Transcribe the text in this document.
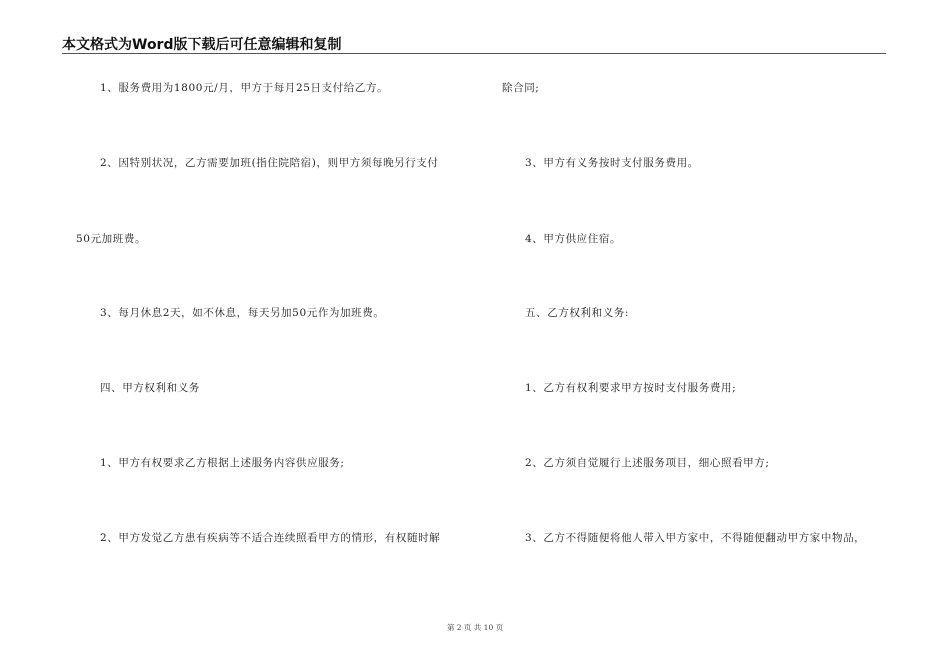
本文格式为Word版下载后可任意编辑和复制
1、服务费用为1800元/月，甲方于每月25日支付给乙方。
2、因特别状况，乙方需要加班(指住院陪宿)，则甲方须每晚另行支付
50元加班费。
3、每月休息2天，如不休息，每天另加50元作为加班费。
四、甲方权利和义务
1、甲方有权要求乙方根据上述服务内容供应服务;
2、甲方发觉乙方患有疾病等不适合连续照看甲方的情形，有权随时解
除合同;
3、甲方有义务按时支付服务费用。
4、甲方供应住宿。
五、乙方权利和义务:
1、乙方有权利要求甲方按时支付服务费用;
2、乙方须自觉履行上述服务项目，细心照看甲方;
3、乙方不得随便将他人带入甲方家中，不得随便翻动甲方家中物品，
第 2 页 共 10 页
